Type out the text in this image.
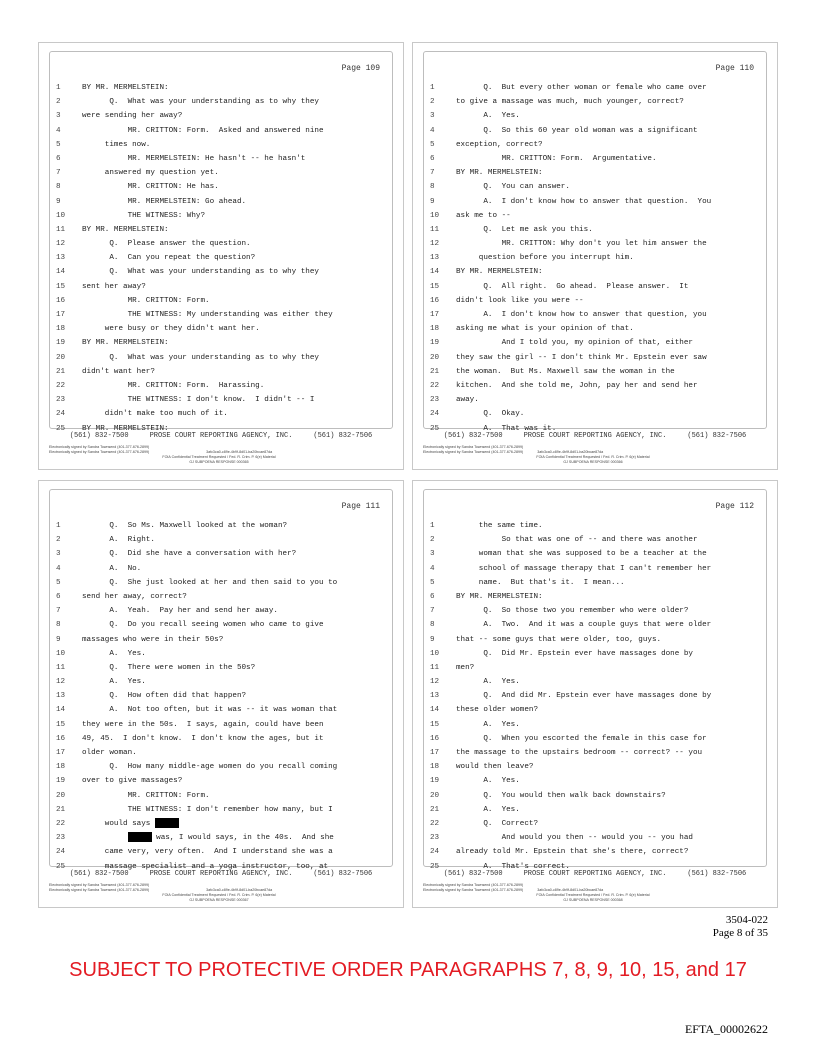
Page 109
1	BY MR. MERMELSTEIN:
2	Q.  What was your understanding as to why they
3	were sending her away?
4	MR. CRITTON: Form.  Asked and answered nine
5	times now.
6	MR. MERMELSTEIN: He hasn't -- he hasn't
7	answered my question yet.
8	MR. CRITTON: He has.
9	MR. MERMELSTEIN: Go ahead.
10	THE WITNESS: Why?
11	BY MR. MERMELSTEIN:
12	Q.  Please answer the question.
13	A.  Can you repeat the question?
14	Q.  What was your understanding as to why they
15	sent her away?
16	MR. CRITTON: Form.
17	THE WITNESS: My understanding was either they
18	were busy or they didn't want her.
19	BY MR. MERMELSTEIN:
20	Q.  What was your understanding as to why they
21	didn't want her?
22	MR. CRITTON: Form.  Harassing.
23	THE WITNESS: I don't know.  I didn't -- I
24	didn't make too much of it.
25	BY MR. MERMELSTEIN:
(561) 832-7500     PROSE COURT REPORTING AGENCY, INC.     (561) 832-7506
Electronically signed by Sandra Townsend (401-377-676-2899)
Electronically signed by Sandra Townsend (401-377-676-2899)                                                         3afc3ca0-c89e-4b9f-8d01-ba20bcae87da
FOIA Confidential Treatment Requested / Fed. R. Crim. P. 6(e) Material
GJ SUBPOENA RESPONSE 000365
Page 110
1	Q.  But every other woman or female who came over
2	to give a massage was much, much younger, correct?
3	A.  Yes.
4	Q.  So this 60 year old woman was a significant
5	exception, correct?
6	MR. CRITTON: Form.  Argumentative.
7	BY MR. MERMELSTEIN:
8	Q.  You can answer.
9	A.  I don't know how to answer that question.  You
10	ask me to --
11	Q.  Let me ask you this.
12	MR. CRITTON: Why don't you let him answer the
13	question before you interrupt him.
14	BY MR. MERMELSTEIN:
15	Q.  All right.  Go ahead.  Please answer.  It
16	didn't look like you were --
17	A.  I don't know how to answer that question, you
18	asking me what is your opinion of that.
19	And I told you, my opinion of that, either
20	they saw the girl -- I don't think Mr. Epstein ever saw
21	the woman.  But Ms. Maxwell saw the woman in the
22	kitchen.  And she told me, John, pay her and send her
23	away.
24	Q.  Okay.
25	A.  That was it.
(561) 832-7500     PROSE COURT REPORTING AGENCY, INC.     (561) 832-7506
Electronically signed by Sandra Townsend (401-377-676-2899)
Electronically signed by Sandra Townsend (401-377-676-2899)              3afc3ca0-c89e-4b9f-8d01-ba20bcae87da
FOIA Confidential Treatment Requested / Fed. R. Crim. P. 6(e) Material
GJ SUBPOENA RESPONSE 000366
Page 111
1	Q.  So Ms. Maxwell looked at the woman?
2	A.  Right.
3	Q.  Did she have a conversation with her?
4	A.  No.
5	Q.  She just looked at her and then said to you to
6	send her away, correct?
7	A.  Yeah.  Pay her and send her away.
8	Q.  Do you recall seeing women who came to give
9	massages who were in their 50s?
10	A.  Yes.
11	Q.  There were women in the 50s?
12	A.  Yes.
13	Q.  How often did that happen?
14	A.  Not too often, but it was -- it was woman that
15	they were in the 50s.  I says, again, could have been
16	49, 45.  I don't know.  I don't know the ages, but it
17	older woman.
18	Q.  How many middle-age women do you recall coming
19	over to give massages?
20	MR. CRITTON: Form.
21	THE WITNESS: I don't remember how many, but I
22	would says
23	was, I would says, in the 40s.  And she
24	came very, very often.  And I understand she was a
25	massage specialist and a yoga instructor, too, at
(561) 832-7500     PROSE COURT REPORTING AGENCY, INC.     (561) 832-7506
Electronically signed by Sandra Townsend (401-377-676-2899)
Electronically signed by Sandra Townsend (401-377-676-2899)                                                         3afc3ca0-c89e-4b9f-8d01-ba20bcae87da
FOIA Confidential Treatment Requested / Fed. R. Crim. P. 6(e) Material
GJ SUBPOENA RESPONSE 000367
Page 112
1	the same time.
2	So that was one of -- and there was another
3	woman that she was supposed to be a teacher at the
4	school of massage therapy that I can't remember her
5	name.  But that's it.  I mean...
6	BY MR. MERMELSTEIN:
7	Q.  So those two you remember who were older?
8	A.  Two.  And it was a couple guys that were older
9	that -- some guys that were older, too, guys.
10	Q.  Did Mr. Epstein ever have massages done by
11	men?
12	A.  Yes.
13	Q.  And did Mr. Epstein ever have massages done by
14	these older women?
15	A.  Yes.
16	Q.  When you escorted the female in this case for
17	the massage to the upstairs bedroom -- correct? -- you
18	would then leave?
19	A.  Yes.
20	Q.  You would then walk back downstairs?
21	A.  Yes.
22	Q.  Correct?
23	And would you then -- would you -- you had
24	already told Mr. Epstein that she's there, correct?
25	A.  That's correct.
(561) 832-7500     PROSE COURT REPORTING AGENCY, INC.     (561) 832-7506
Electronically signed by Sandra Townsend (401-377-676-2899)
Electronically signed by Sandra Townsend (401-377-676-2899)              3afc3ca0-c89e-4b9f-8d01-ba20bcae87da
FOIA Confidential Treatment Requested / Fed. R. Crim. P. 6(e) Material
GJ SUBPOENA RESPONSE 000368
3504-022
Page 8 of 35
SUBJECT TO PROTECTIVE ORDER PARAGRAPHS 7, 8, 9, 10, 15, and 17
EFTA_00002622
